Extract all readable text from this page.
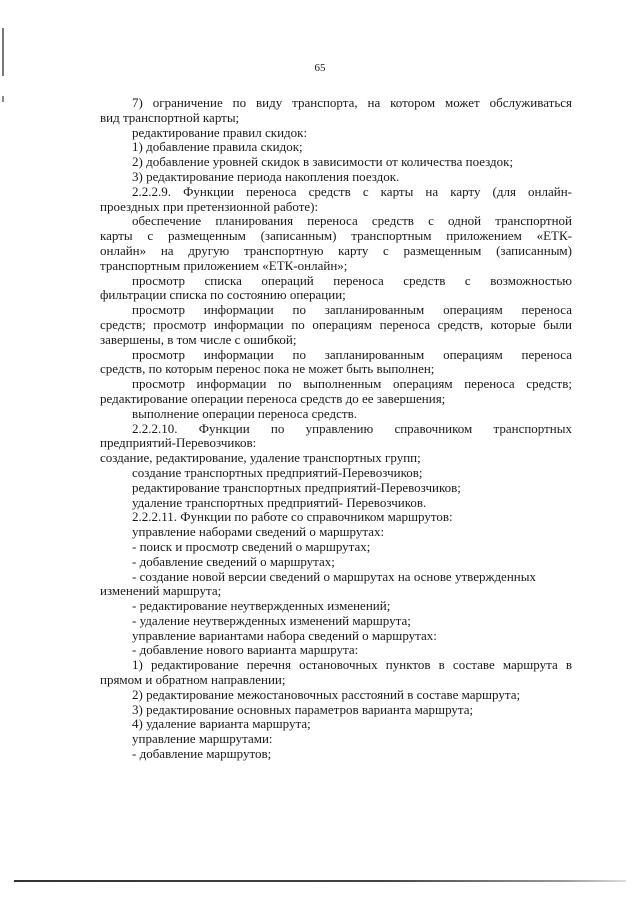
65
7) ограничение по виду транспорта, на котором может обслуживаться
вид транспортной карты;
редактирование правил скидок:
1) добавление правила скидок;
2) добавление уровней скидок в зависимости от количества поездок;
3) редактирование периода накопления поездок.
2.2.2.9. Функции переноса средств с карты на карту (для онлайн-
проездных при претензионной работе):
обеспечение планирования переноса средств с одной транспортной
карты с размещенным (записанным) транспортным приложением «ЕТК-
онлайн» на другую транспортную карту с размещенным (записанным)
транспортным приложением «ЕТК-онлайн»;
просмотр списка операций переноса средств с возможностью
фильтрации списка по состоянию операции;
просмотр информации по запланированным операциям переноса
средств; просмотр информации по операциям переноса средств, которые были
завершены, в том числе с ошибкой;
просмотр информации по запланированным операциям переноса
средств, по которым перенос пока не может быть выполнен;
просмотр информации по выполненным операциям переноса средств;
редактирование операции переноса средств до ее завершения;
выполнение операции переноса средств.
2.2.2.10. Функции по управлению справочником транспортных
предприятий-Перевозчиков:
создание, редактирование, удаление транспортных групп;
создание транспортных предприятий-Перевозчиков;
редактирование транспортных предприятий-Перевозчиков;
удаление транспортных предприятий- Перевозчиков.
2.2.2.11. Функции по работе со справочником маршрутов:
управление наборами сведений о маршрутах:
- поиск и просмотр сведений о маршрутах;
- добавление сведений о маршрутах;
- создание новой версии сведений о маршрутах на основе утвержденных
изменений маршрута;
- редактирование неутвержденных изменений;
- удаление неутвержденных изменений маршрута;
управление вариантами набора сведений о маршрутах:
- добавление нового варианта маршрута:
1) редактирование перечня остановочных пунктов в составе маршрута в
прямом и обратном направлении;
2) редактирование межостановочных расстояний в составе маршрута;
3) редактирование основных параметров варианта маршрута;
4) удаление варианта маршрута;
управление маршрутами:
- добавление маршрутов;
